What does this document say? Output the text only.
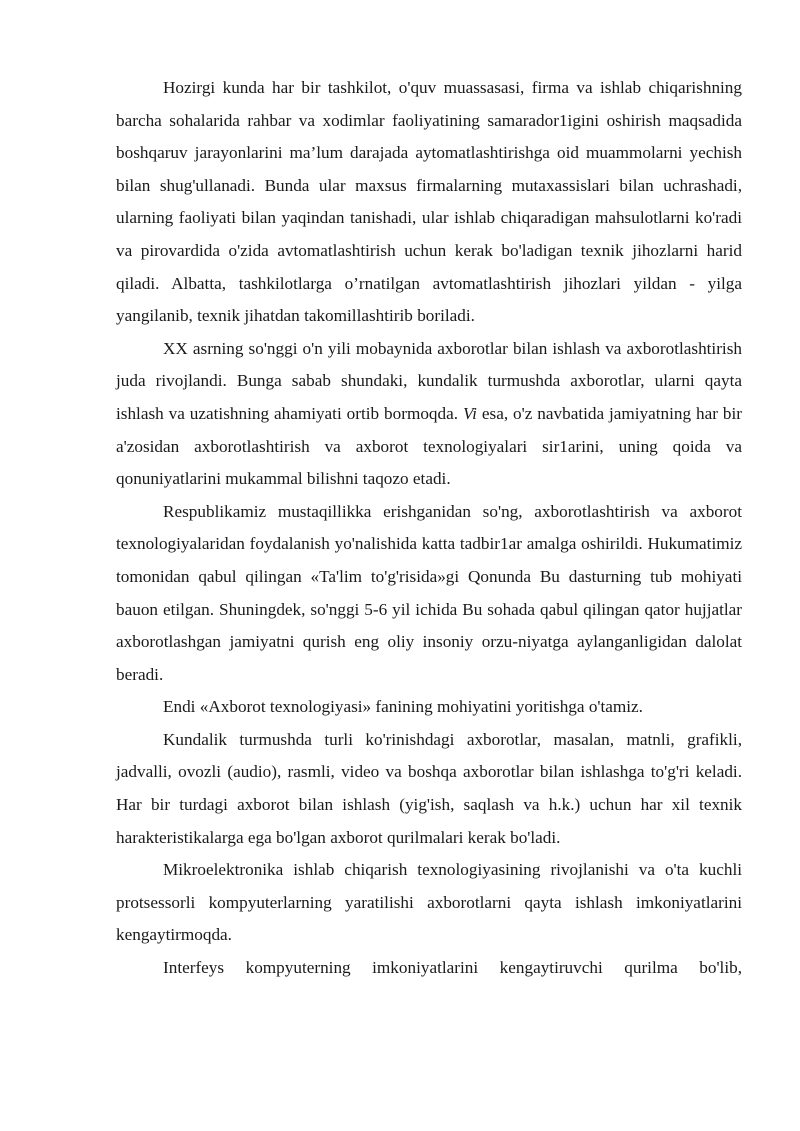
Hozirgi kunda har bir tashkilot, o'quv muassasasi, firma va ishlab chiqarishning barcha sohalarida rahbar va xodimlar faoliyatining samarador1igini oshirish maqsadida boshqaruv jarayonlarini ma’lum darajada aytomatlashtirishga oid muammolarni yechish bilan shug'ullanadi. Bunda ular maxsus firmalarning mutaxassislari bilan uchrashadi, ularning faoliyati bilan yaqindan tanishadi, ular ishlab chiqaradigan mahsulotlarni ko'radi va pirovardida o'zida avtomatlashtirish uchun kerak bo'ladigan texnik jihozlarni harid qiladi. Albatta, tashkilotlarga o’rnatilgan avtomatlashtirish jihozlari yildan - yilga yangilanib, texnik jihatdan takomillashtirib boriladi.

XX asrning so'nggi o'n yili mobaynida axborotlar bilan ishlash va axborotlashtirish juda rivojlandi. Bunga sabab shundaki, kundalik turmushda axborotlar, ularni qayta ishlash va uzatishning ahamiyati ortib bormoqda. Vi esa, o'z navbatida jamiyatning har bir a'zosidan axborotlashtirish va axborot texnologiyalari sir1arini, uning qoida va qonuniyatlarini mukammal bilishni taqozo etadi.

Respublikamiz mustaqillikka erishganidan so'ng, axborotlashtirish va axborot texnologiyalaridan foydalanish yo'nalishida katta tadbir1ar amalga oshirildi. Hukumatimiz tomonidan qabul qilingan «Ta'lim to'g'risida»gi Qonunda Bu dasturning tub mohiyati bauon etilgan. Shuningdek, so'nggi 5-6 yil ichida Bu sohada qabul qilingan qator hujjatlar axborotlashgan jamiyatni qurish eng oliy insoniy orzu-niyatga aylanganligidan dalolat beradi.

Endi «Axborot texnologiyasi» fanining mohiyatini yoritishga o'tamiz.

Kundalik turmushda turli ko'rinishdagi axborotlar, masalan, matnli, grafikli, jadvalli, ovozli (audio), rasmli, video va boshqa axborotlar bilan ishlashga to'g'ri keladi. Har bir turdagi axborot bilan ishlash (yig'ish, saqlash va h.k.) uchun har xil texnik harakteristikalarga ega bo'lgan axborot qurilmalari kerak bo'ladi.

Mikroelektronika ishlab chiqarish texnologiyasining rivojlanishi va o'ta kuchli protsessorli kompyuterlarning yaratilishi axborotlarni qayta ishlash imkoniyatlarini kengaytirmoqda.

Interfeys kompyuterning imkoniyatlarini kengaytiruvchi qurilma bo'lib,
